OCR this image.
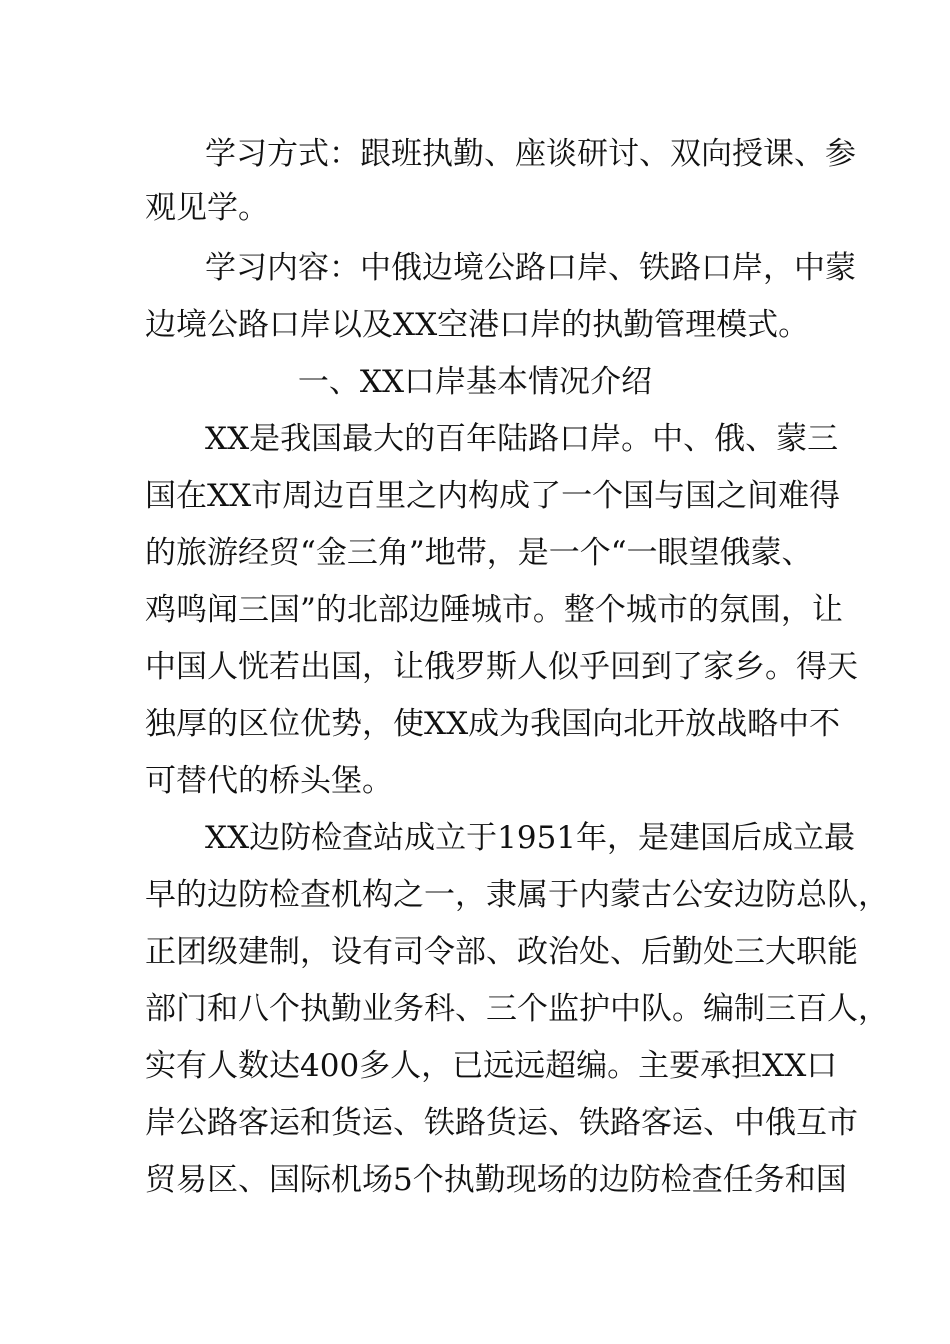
学习方式：跟班执勤、座谈研讨、双向授课、参
观见学。
学习内容：中俄边境公路口岸、铁路口岸，中蒙
边境公路口岸以及XX空港口岸的执勤管理模式。
一、XX口岸基本情况介绍
XX是我国最大的百年陆路口岸。中、俄、蒙三
国在XX市周边百里之内构成了一个国与国之间难得
的旅游经贸“金三角”地带，是一个“一眼望俄蒙、
鸡鸣闻三国”的北部边陲城市。整个城市的氛围，让
中国人恍若出国，让俄罗斯人似乎回到了家乡。得天
独厚的区位优势，使XX成为我国向北开放战略中不
可替代的桥头堡。
XX边防检查站成立于1951年，是建国后成立最
早的边防检查机构之一，隶属于内蒙古公安边防总队，
正团级建制，设有司令部、政治处、后勤处三大职能
部门和八个执勤业务科、三个监护中队。编制三百人，
实有人数达400多人，已远远超编。主要承担XX口
岸公路客运和货运、铁路货运、铁路客运、中俄互市
贸易区、国际机场5个执勤现场的边防检查任务和国
